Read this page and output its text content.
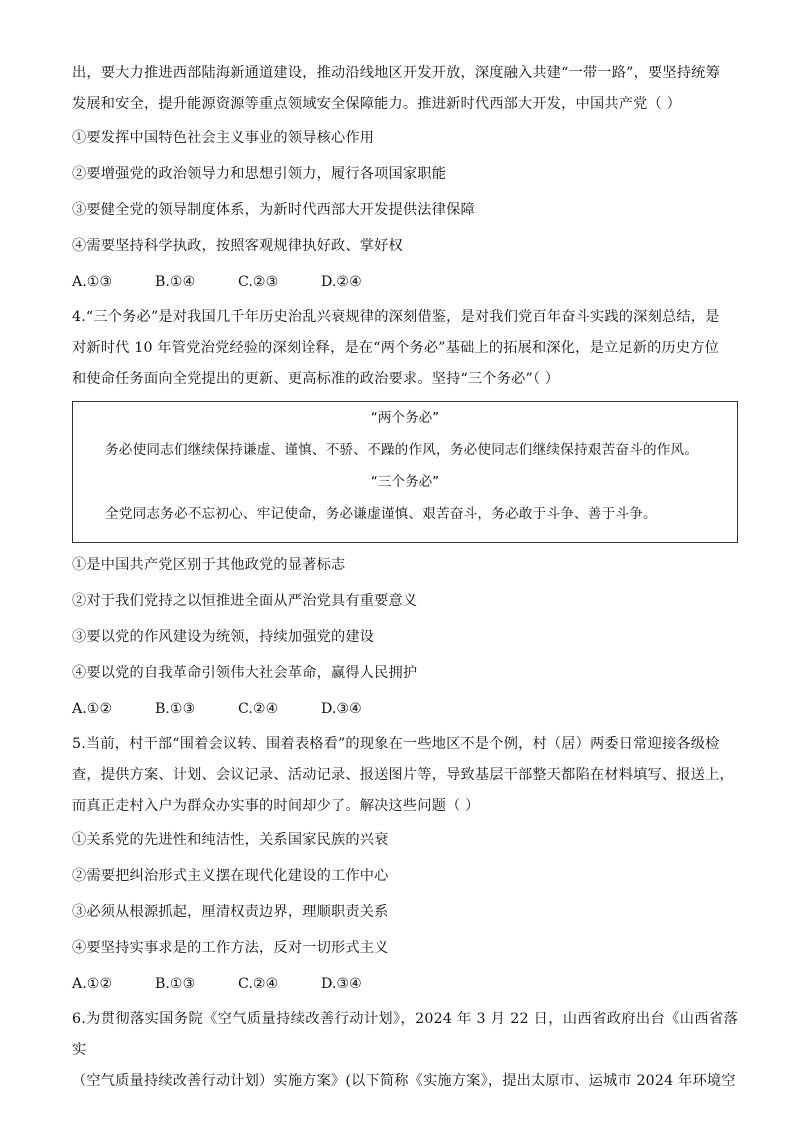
出，要大力推进西部陆海新通道建设，推动沿线地区开发开放，深度融入共建“一带一路”，要坚持统筹

发展和安全，提升能源资源等重点领域安全保障能力。推进新时代西部大开发，中国共产党（ ）

①要发挥中国特色社会主义事业的领导核心作用

②要增强党的政治领导力和思想引领力，履行各项国家职能

③要健全党的领导制度体系，为新时代西部大开发提供法律保障

④需要坚持科学执政，按照客观规律执好政、掌好权

A.①③	B.①④	C.②③	D.②④

4.“三个务必”是对我国几千年历史治乱兴衰规律的深刻借鉴，是对我们党百年奋斗实践的深刻总结，是

对新时代 10 年管党治党经验的深刻诠释，是在“两个务必”基础上的拓展和深化，是立足新的历史方位

和使命任务面向全党提出的更新、更高标准的政治要求。坚持“三个务必”（ ）

“两个务必”
务必使同志们继续保持谦虚、谨慎、不骄、不躁的作风，务必使同志们继续保持艰苦奋斗的作风。
“三个务必”
全党同志务必不忘初心、牢记使命，务必谦虚谨慎、艰苦奋斗，务必敢于斗争、善于斗争。

①是中国共产党区别于其他政党的显著标志

②对于我们党持之以恒推进全面从严治党具有重要意义

③要以党的作风建设为统领，持续加强党的建设

④要以党的自我革命引领伟大社会革命，赢得人民拥护

A.①②	B.①③	C.②④	D.③④

5.当前，村干部“围着会议转、围着表格看”的现象在一些地区不是个例，村（居）两委日常迎接各级检

查，提供方案、计划、会议记录、活动记录、报送图片等，导致基层干部整天都陷在材料填写、报送上，

而真正走村入户为群众办实事的时间却少了。解决这些问题（ ）

①关系党的先进性和纯洁性，关系国家民族的兴衰

②需要把纠治形式主义摆在现代化建设的工作中心

③必须从根源抓起，厘清权责边界，理顺职责关系

④要坚持实事求是的工作方法，反对一切形式主义

A.①②	B.①③	C.②④	D.③④

6.为贯彻落实国务院《空气质量持续改善行动计划》，2024 年 3 月 22 日，山西省政府出台《山西省落实

（空气质量持续改善行动计划）实施方案》(以下简称《实施方案》，提出太原市、运城市 2024 年环境空
